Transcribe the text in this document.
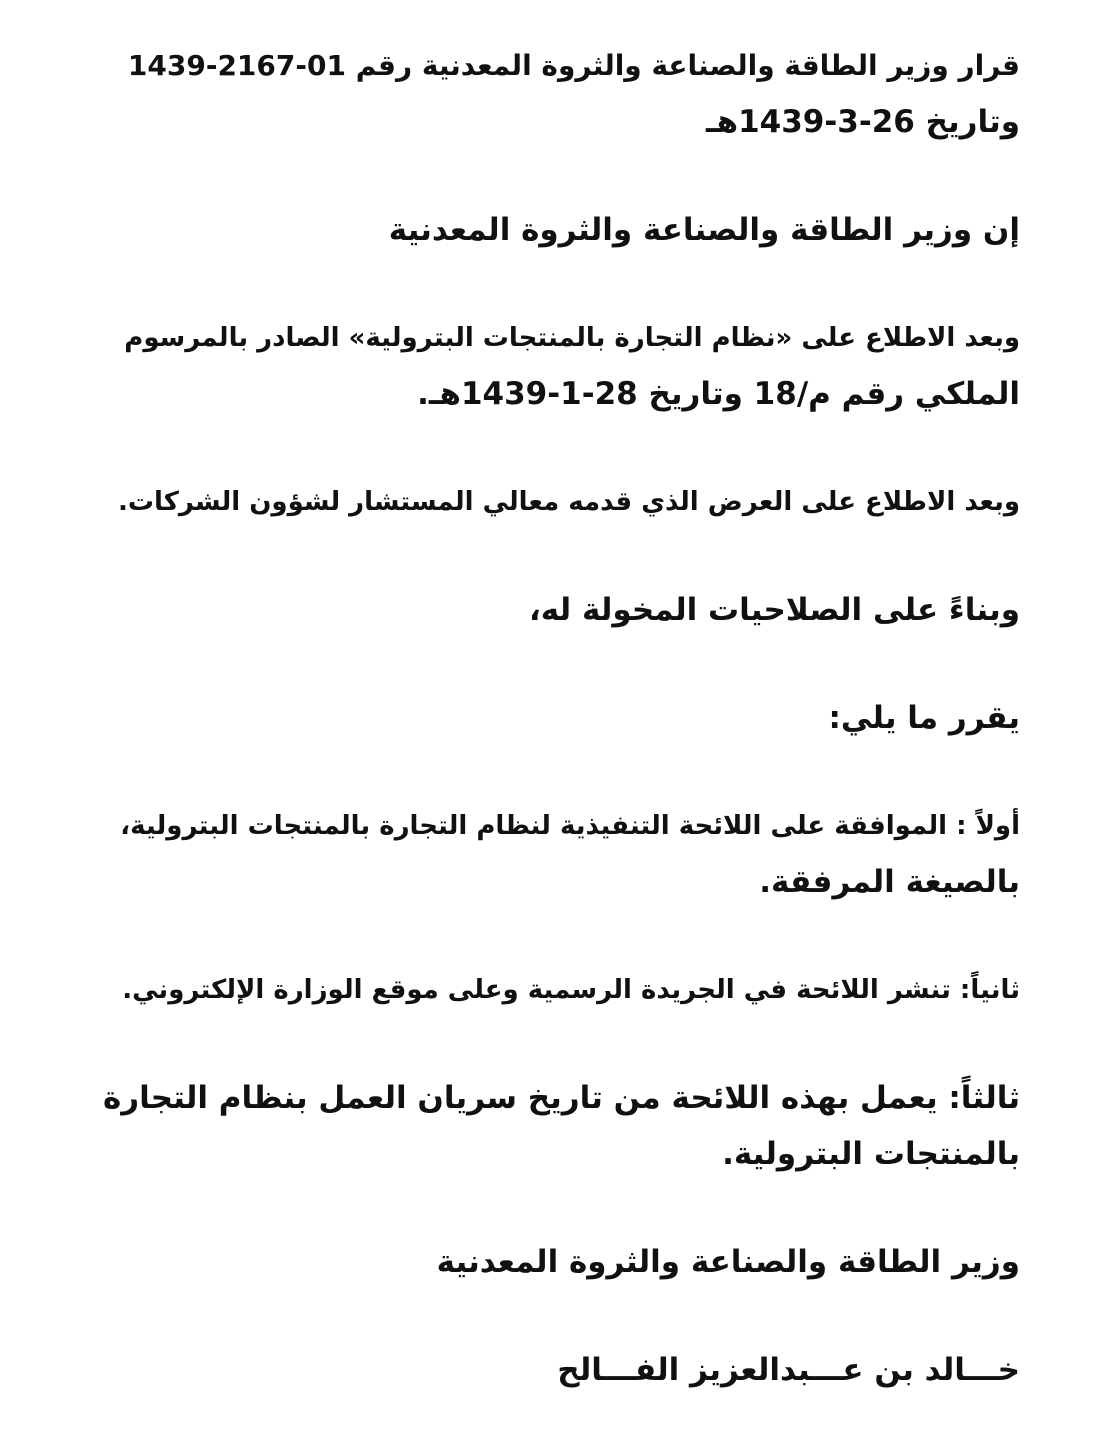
قرار وزير الطاقة والصناعة والثروة المعدنية رقم 01-2167-1439
وتاريخ 26-3-1439هـ

إن وزير الطاقة والصناعة والثروة المعدنية

وبعد الاطلاع على «نظام التجارة بالمنتجات البترولية» الصادر بالمرسوم
الملكي رقم م/18 وتاريخ 28-1-1439هـ.

وبعد الاطلاع على العرض الذي قدمه معالي المستشار لشؤون الشركات.

وبناءً على الصلاحيات المخولة له،

يقرر ما يلي:

أولاً : الموافقة على اللائحة التنفيذية لنظام التجارة بالمنتجات البترولية،
بالصيغة المرفقة.

ثانياً: تنشر اللائحة في الجريدة الرسمية وعلى موقع الوزارة الإلكتروني.

ثالثاً: يعمل بهذه اللائحة من تاريخ سريان العمل بنظام التجارة
بالمنتجات البترولية.

وزير الطاقة والصناعة والثروة المعدنية

خـــالد بن عـــبدالعزيز الفـــالح
